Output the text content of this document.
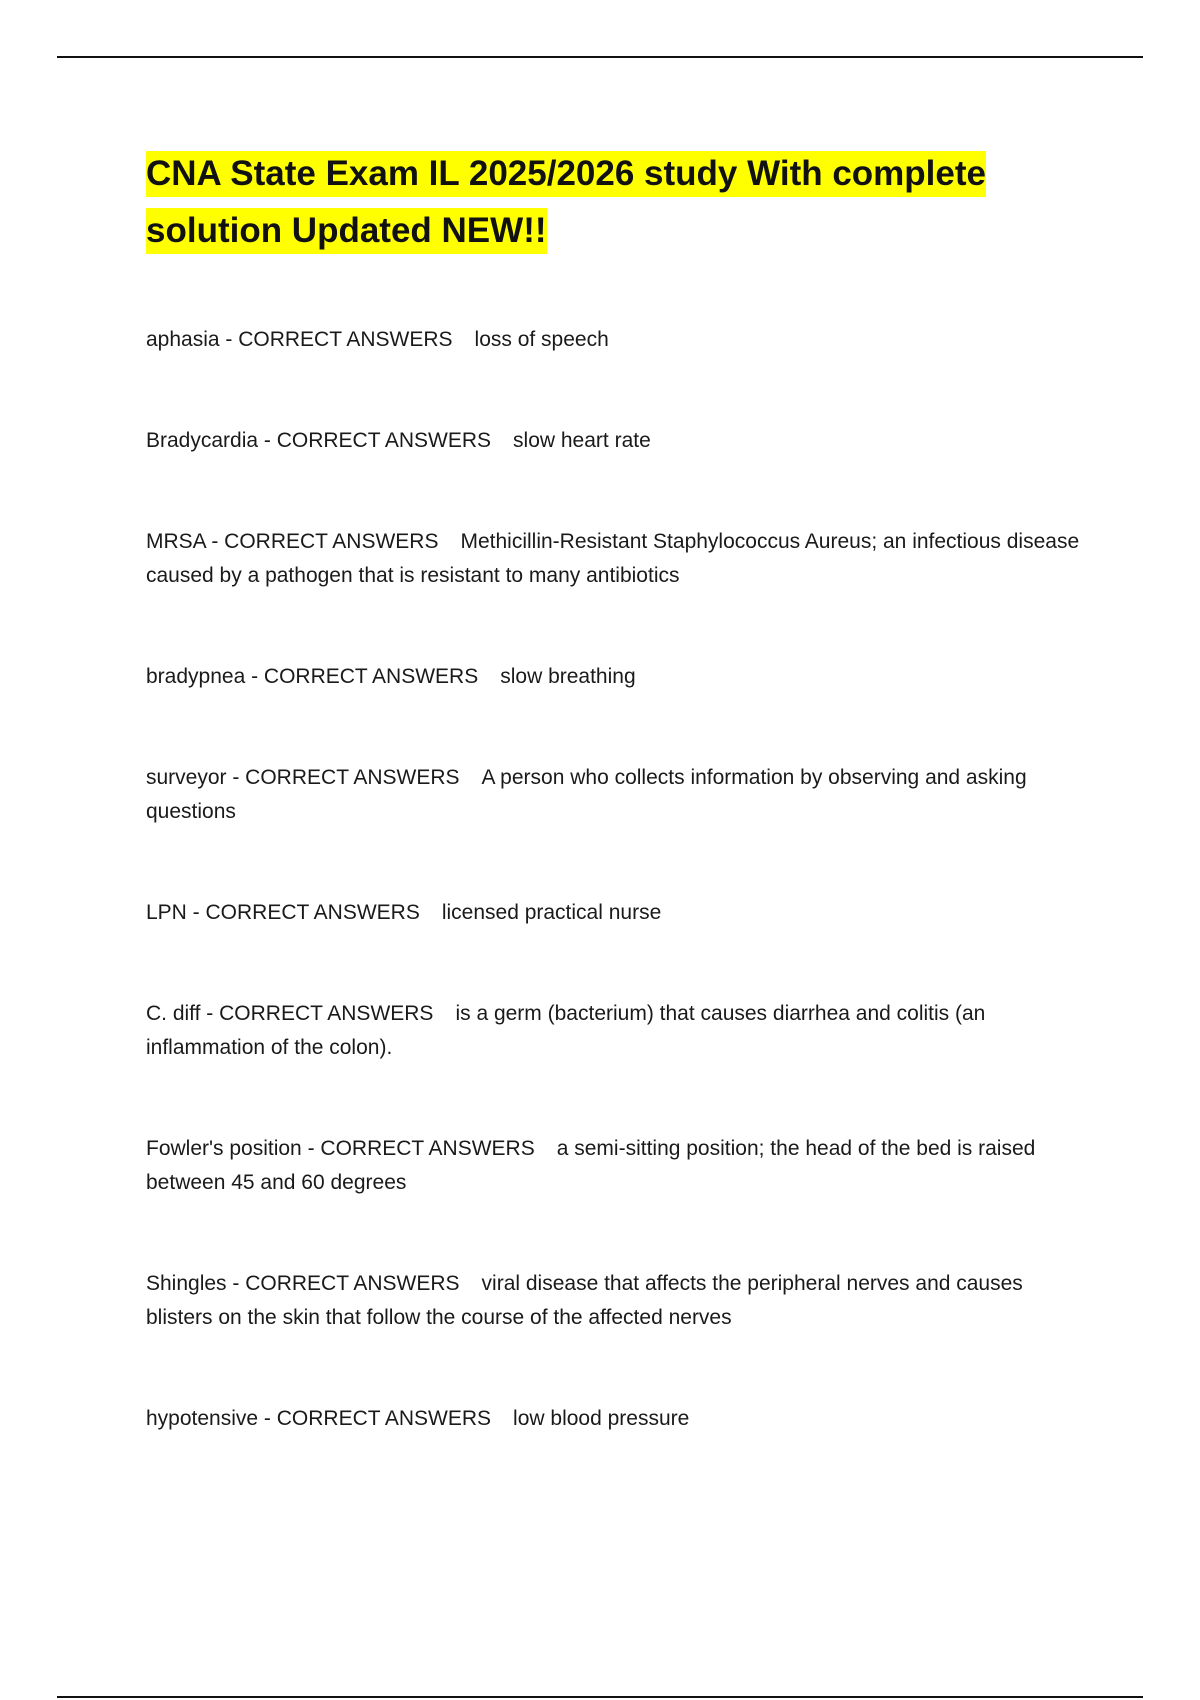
CNA State Exam IL 2025/2026 study With complete solution Updated NEW!!
aphasia - CORRECT ANSWERS loss of speech
Bradycardia - CORRECT ANSWERS slow heart rate
MRSA - CORRECT ANSWERS Methicillin-Resistant Staphylococcus Aureus; an infectious disease caused by a pathogen that is resistant to many antibiotics
bradypnea - CORRECT ANSWERS slow breathing
surveyor - CORRECT ANSWERS A person who collects information by observing and asking questions
LPN - CORRECT ANSWERS licensed practical nurse
C. diff - CORRECT ANSWERS is a germ (bacterium) that causes diarrhea and colitis (an inflammation of the colon).
Fowler's position - CORRECT ANSWERS a semi-sitting position; the head of the bed is raised between 45 and 60 degrees
Shingles - CORRECT ANSWERS viral disease that affects the peripheral nerves and causes blisters on the skin that follow the course of the affected nerves
hypotensive - CORRECT ANSWERS low blood pressure
